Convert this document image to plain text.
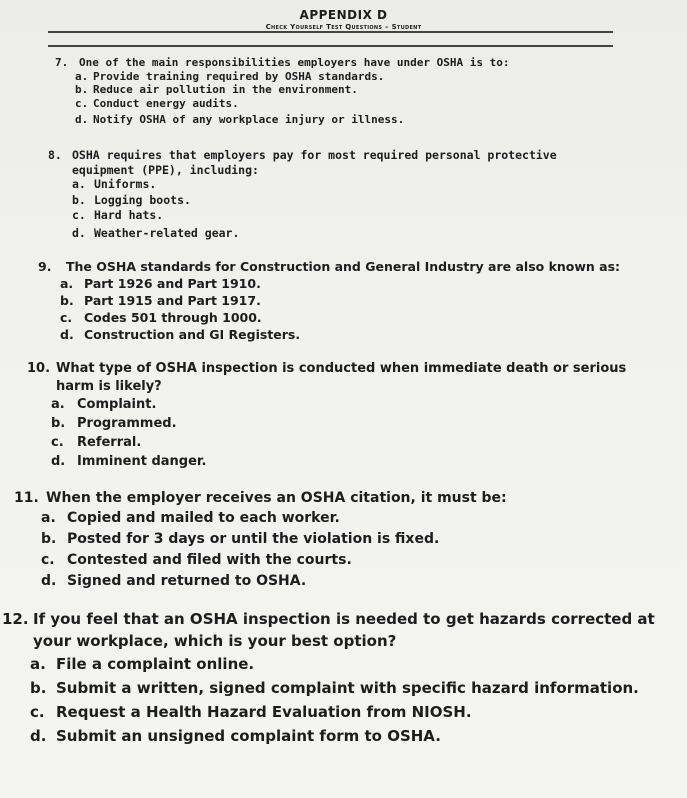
APPENDIX D
Check Yourself Test Questions – Student
7. One of the main responsibilities employers have under OSHA is to:
a. Provide training required by OSHA standards.
b. Reduce air pollution in the environment.
c. Conduct energy audits.
d. Notify OSHA of any workplace injury or illness.
8. OSHA requires that employers pay for most required personal protective equipment (PPE), including:
a. Uniforms.
b. Logging boots.
c. Hard hats.
d. Weather-related gear.
9.	The OSHA standards for Construction and General Industry are also known as:
a. Part 1926 and Part 1910.
b. Part 1915 and Part 1917.
c. Codes 501 through 1000.
d. Construction and GI Registers.
10. What type of OSHA inspection is conducted when immediate death or serious harm is likely?
a. Complaint.
b. Programmed.
c.	Referral.
d. Imminent danger.
11. When the employer receives an OSHA citation, it must be:
a. Copied and mailed to each worker.
b. Posted for 3 days or until the violation is fixed.
c. Contested and filed with the courts.
d. Signed and returned to OSHA.
12. If you feel that an OSHA inspection is needed to get hazards corrected at your workplace, which is your best option?
a. File a complaint online.
b. Submit a written, signed complaint with specific hazard information.
c. Request a Health Hazard Evaluation from NIOSH.
d. Submit an unsigned complaint form to OSHA.
